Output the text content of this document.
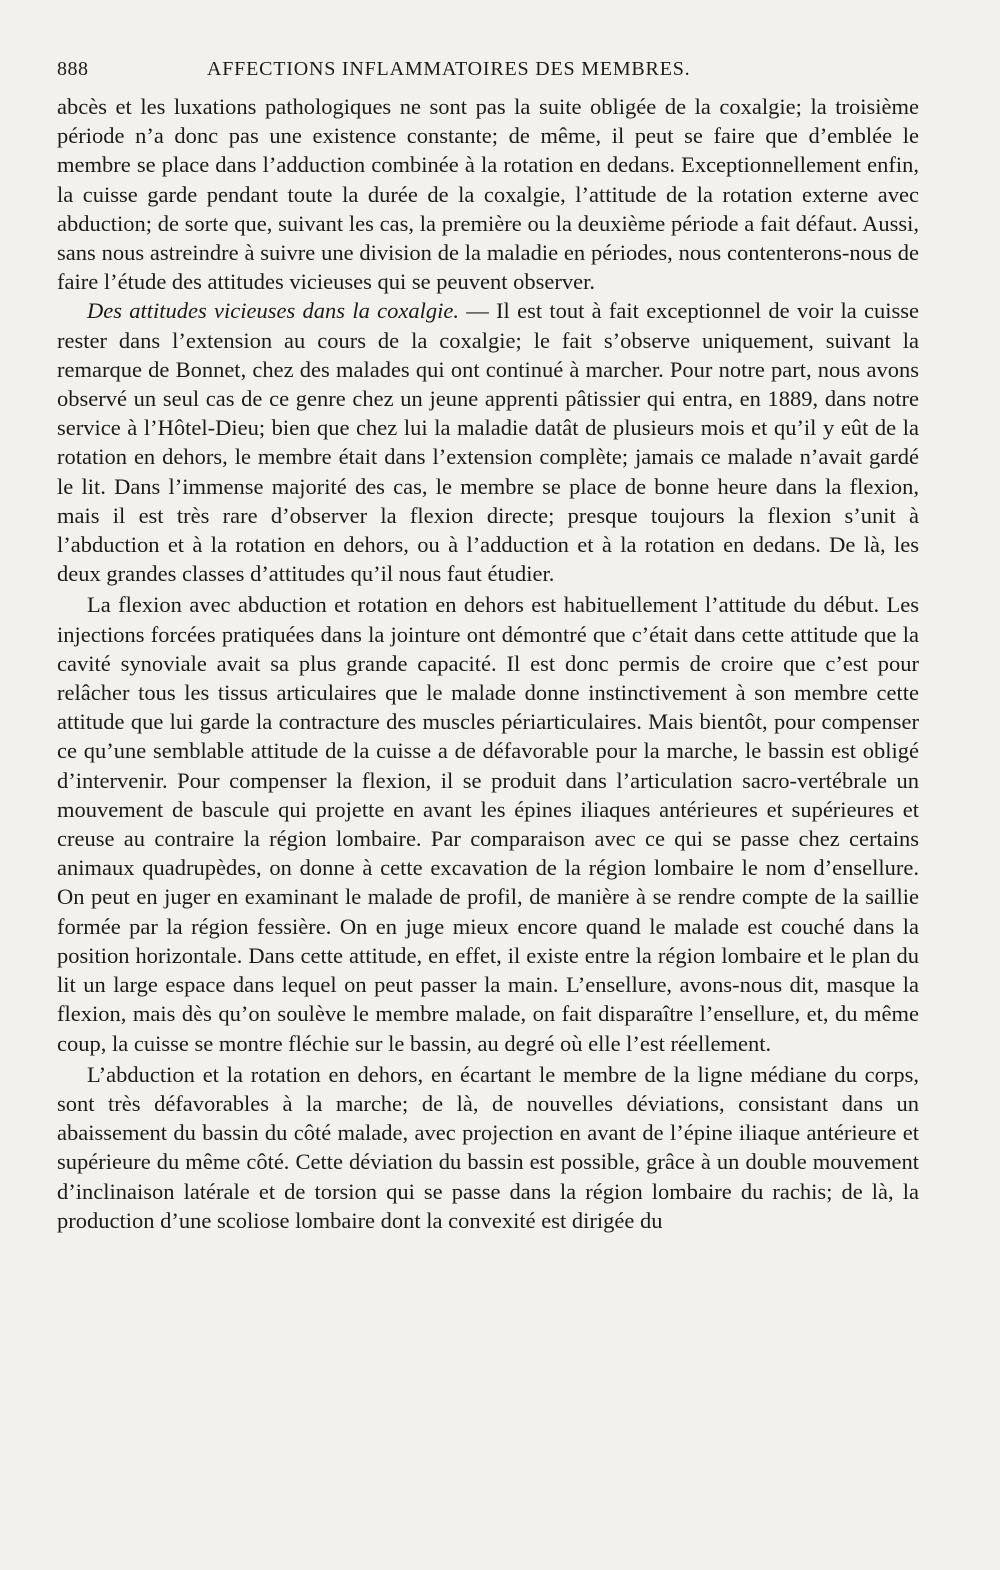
888	AFFECTIONS INFLAMMATOIRES DES MEMBRES.

abcès et les luxations pathologiques ne sont pas la suite obligée de la coxalgie; la troisième période n’a donc pas une existence constante; de même, il peut se faire que d’emblée le membre se place dans l’adduction combinée à la rotation en dedans. Exceptionnellement enfin, la cuisse garde pendant toute la durée de la coxalgie, l’attitude de la rotation externe avec abduction; de sorte que, suivant les cas, la première ou la deuxième période a fait défaut. Aussi, sans nous astreindre à suivre une division de la maladie en périodes, nous contenterons-nous de faire l’étude des attitudes vicieuses qui se peuvent observer.

Des attitudes vicieuses dans la coxalgie. — Il est tout à fait exceptionnel de voir la cuisse rester dans l’extension au cours de la coxalgie; le fait s’observe uniquement, suivant la remarque de Bonnet, chez des malades qui ont continué à marcher. Pour notre part, nous avons observé un seul cas de ce genre chez un jeune apprenti pâtissier qui entra, en 1889, dans notre service à l’Hôtel-Dieu; bien que chez lui la maladie datât de plusieurs mois et qu’il y eût de la rotation en dehors, le membre était dans l’extension complète; jamais ce malade n’avait gardé le lit. Dans l’immense majorité des cas, le membre se place de bonne heure dans la flexion, mais il est très rare d’observer la flexion directe; presque toujours la flexion s’unit à l’abduction et à la rotation en dehors, ou à l’adduction et à la rotation en dedans. De là, les deux grandes classes d’attitudes qu’il nous faut étudier.

La flexion avec abduction et rotation en dehors est habituellement l’attitude du début. Les injections forcées pratiquées dans la jointure ont démontré que c’était dans cette attitude que la cavité synoviale avait sa plus grande capacité. Il est donc permis de croire que c’est pour relâcher tous les tissus articulaires que le malade donne instinctivement à son membre cette attitude que lui garde la contracture des muscles périarticulaires. Mais bientôt, pour compenser ce qu’une semblable attitude de la cuisse a de défavorable pour la marche, le bassin est obligé d’intervenir. Pour compenser la flexion, il se produit dans l’articulation sacro-vertébrale un mouvement de bascule qui projette en avant les épines iliaques antérieures et supérieures et creuse au contraire la région lombaire. Par comparaison avec ce qui se passe chez certains animaux quadrupèdes, on donne à cette excavation de la région lombaire le nom d’ensellure. On peut en juger en examinant le malade de profil, de manière à se rendre compte de la saillie formée par la région fessière. On en juge mieux encore quand le malade est couché dans la position horizontale. Dans cette attitude, en effet, il existe entre la région lombaire et le plan du lit un large espace dans lequel on peut passer la main. L’ensellure, avons-nous dit, masque la flexion, mais dès qu’on soulève le membre malade, on fait disparaître l’ensellure, et, du même coup, la cuisse se montre fléchie sur le bassin, au degré où elle l’est réellement.

L’abduction et la rotation en dehors, en écartant le membre de la ligne médiane du corps, sont très défavorables à la marche; de là, de nouvelles déviations, consistant dans un abaissement du bassin du côté malade, avec projection en avant de l’épine iliaque antérieure et supérieure du même côté. Cette déviation du bassin est possible, grâce à un double mouvement d’inclinaison latérale et de torsion qui se passe dans la région lombaire du rachis; de là, la production d’une scoliose lombaire dont la convexité est dirigée du
